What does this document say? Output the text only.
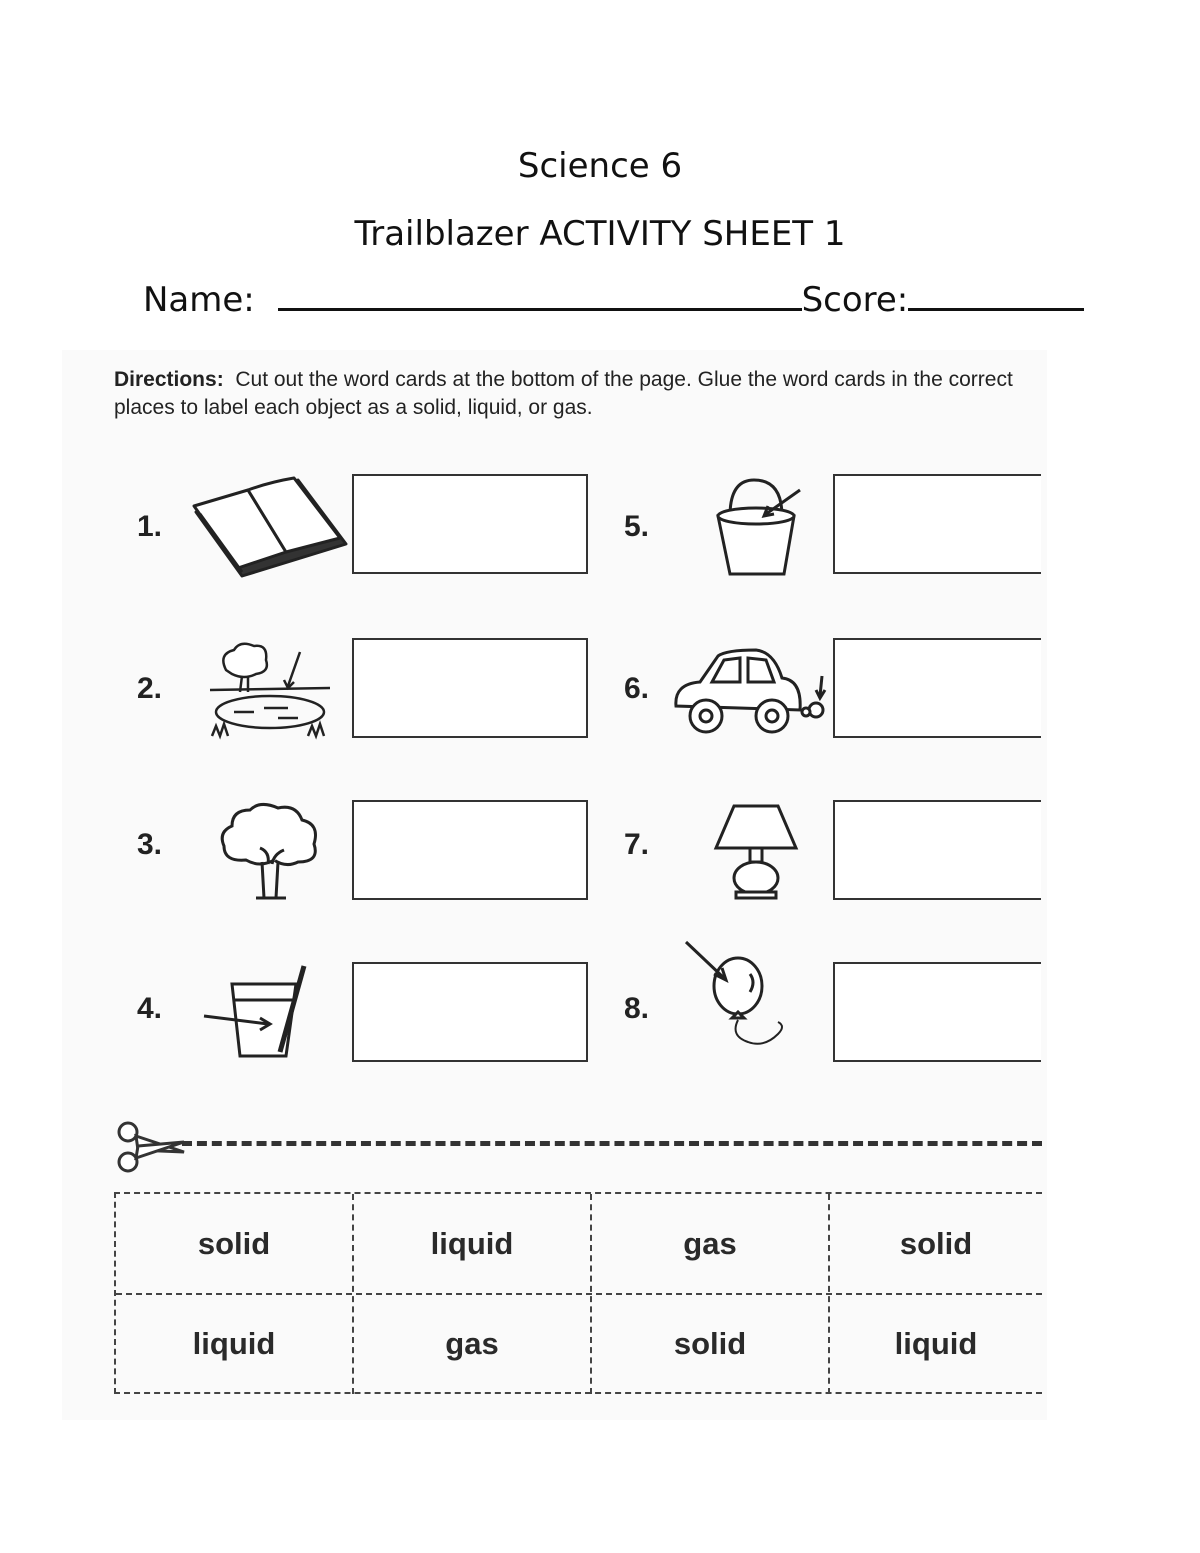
Science 6
Trailblazer ACTIVITY SHEET 1
Name:	Score:
Directions: Cut out the word cards at the bottom of the page. Glue the word cards in the correct places to label each object as a solid, liquid, or gas.
1.
2.
3.
4.
5.
6.
7.
8.
solid	liquid	gas	solid
liquid	gas	solid	liquid
